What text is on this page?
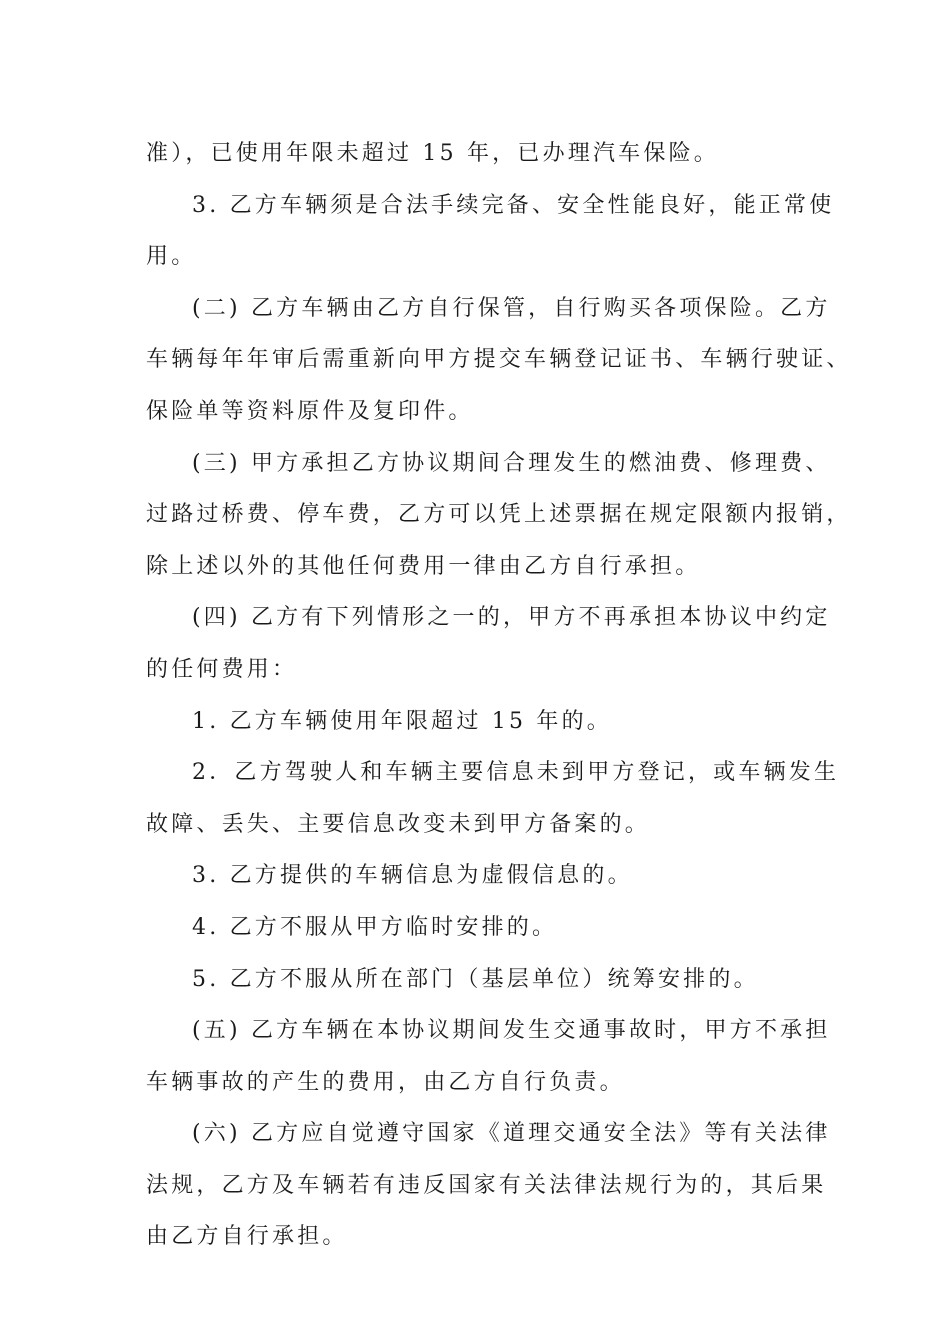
准），已使用年限未超过 15 年，已办理汽车保险。

3. 乙方车辆须是合法手续完备、安全性能良好，能正常使
用。

(二) 乙方车辆由乙方自行保管，自行购买各项保险。乙方
车辆每年年审后需重新向甲方提交车辆登记证书、车辆行驶证、
保险单等资料原件及复印件。

(三) 甲方承担乙方协议期间合理发生的燃油费、修理费、
过路过桥费、停车费，乙方可以凭上述票据在规定限额内报销，
除上述以外的其他任何费用一律由乙方自行承担。

(四) 乙方有下列情形之一的，甲方不再承担本协议中约定
的任何费用：

1. 乙方车辆使用年限超过 15 年的。

2．乙方驾驶人和车辆主要信息未到甲方登记，或车辆发生
故障、丢失、主要信息改变未到甲方备案的。

3. 乙方提供的车辆信息为虚假信息的。

4. 乙方不服从甲方临时安排的。

5. 乙方不服从所在部门（基层单位）统筹安排的。

(五) 乙方车辆在本协议期间发生交通事故时，甲方不承担
车辆事故的产生的费用，由乙方自行负责。

(六) 乙方应自觉遵守国家《道理交通安全法》等有关法律
法规，乙方及车辆若有违反国家有关法律法规行为的，其后果
由乙方自行承担。
